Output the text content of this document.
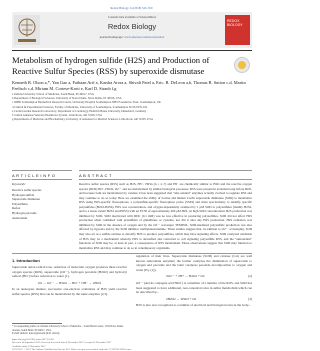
Redox Biology 14 (2018) 545–550
Contents lists available at ScienceDirect
Redox Biology
journal homepage: www.elsevier.com/locate/redox
REDOX BIOLOGY
Metabolism of hydrogen sulfide (H2S) and Production of Reactive Sulfur Species (RSS) by superoxide dismutase
Kenneth R. Olson a,*, Yan Gao a, Faihaan Arif a, Karsha Arora a, Shivali Patel a, Eric. R. DeLeon a,b, Thomas R. Sutton c,d, Martin Feelisch c,d, Miriam M. Cortese-Krott e, Karl D. Straub f,g
a Indiana University School of Medicine, South Bend, IN 46617, USA
b Department of Biological Sciences, University of Notre Dame, Notre Dame, IN 46556, USA
c NIHR Southampton Biomedical Research Centre, University Hospital Southampton NHS Foundation Trust, Southampton, UK
d Clinical & Experimental Sciences, Faculty of Medicine, University of Southampton, Southampton SO16 6YD, UK
e Cardiovascular Research Laboratory, Department of Cardiology, Heinrich Heine University, Düsseldorf, Germany
f Central Arkansas Veteran's Healthcare System, Little Rock, AR 72205, USA
g Departments of Medicine and Biochemistry, University of Arkansas for Medical Sciences, Little Rock, AR 72205, USA
A R T I C L E I N F O	A B S T R A C T
Keywords:
Reactive sulfur species
Hydrogen sulfide
Superoxide dismutase
Polysulfides
Redox
Hydrogen peroxide
Antioxidant
Reactive sulfur species (RSS) such as H2S, HS−, H2Sn (n = 2–7) and HS· are chemically similar to H2O and the reactive oxygen species (ROS) HO·, H2O2, O2·− and are metabolized by similar biological processes. RSS were present in evolution long before ROS, and because both are metabolized by catalase it has been suggested that "anti-oxidant" enzymes actually evolved to regulate RSS and may continue to do so today. Here we examined the ability of bovine and human Cu/Zn superoxide dismutase (SOD) to metabolize RSS using H2S-specific fluorophores, a polysulfide-specific fluorophore probe (SSP4) and mass spectrometry to identify specific polysulfides (H2S2-H2S6). H2S was concentration- and oxygen-dependently oxidized by 1 μM SOD to polysulfides (mainly H2S2, and to a lesser extent H2S3 and H2S5) with an EC50 of approximately 400 μM H2S. At high SOD concentrations H2S production was inhibited by SOD. SOD inactivated with DDC (0.1 mM) was no less effective in producing polysulfides. SOD did not affect H2S production when combined with persulfides of glutathione or cysteine, nor did it alter any H2S production. H2S oxidation was inhibited by SOD in the absence of oxygen and by the O2·− scavenger TEMPOL. SOD-mediated polysulfide production was also affected by hypoxia and by the SOD inhibitor triethylenetetramine. These studies suggest that, in addition to O2·− scavenging, SOD may also act as a sulfide oxidase to detoxify H2S or produce polysulfides, which may have signaling effects. SOD catalyzed oxidation of H2S may be a mechanism whereby H2S is detoxified and converted to cell signaling polysulfide RSS, and the "antioxidant" functions of SOD may be, at least in part, a consequence of RSS metabolism. These observations suggest that SOD may function to metabolize RSS and may continue to do so in contemporary organisms.
1. Introduction
Superoxide anion radical ions, reduction of molecular oxygen produces three reactive oxygen species (ROS), superoxide (O2·−), hydrogen peroxide (H2O2) and hydroxyl radical (HO·) before reduction to water [1].
O2 → O2·− → H2O2 → HO· + OH− → 2H2O
In an analogous manner, successive one-electron oxidations of H2S yield reactive sulfur species (RSS) that can be metabolized by the same enzymes [2,3].
regulation of their lives. Superoxide dismutase (SOD) and catalase (Cat) are well known antioxidant enzymes; the former catalyzes the dismutation of superoxide to oxygen and peroxide and the latter catalyzes peroxide decomposition to oxygen and water (Eq. (1)).
2O2·− + 2H+ → H2O2 + O2	(2)
O2·− (and its conjugate acid HO2·) is a member of a number of the ROS, and SOD has been suggested to have additional, non-canonical roles in sulfur metabolism which can be described by...
2H2O2 → 2H2O + O2	(3)
H2S is also now recognized as a number of electrical and biological roles in the body...
* Corresponding author at: Indiana University School of Medicine – South Bend Center, 1234 Notre Dame Avenue, South Bend, IN 46617, USA.
E-mail address: kolson@nd.edu (K.R. Olson).
https://doi.org/10.1016/j.redox.2017.10.016
Received 14 September 2017; Received in revised form 6 November 2017; Accepted 6 November 2017
Available online 8 November 2017
2213-2317/ © 2017 The Authors. Published by Elsevier B.V. This is an open access article under the CC BY-NC-ND license.
